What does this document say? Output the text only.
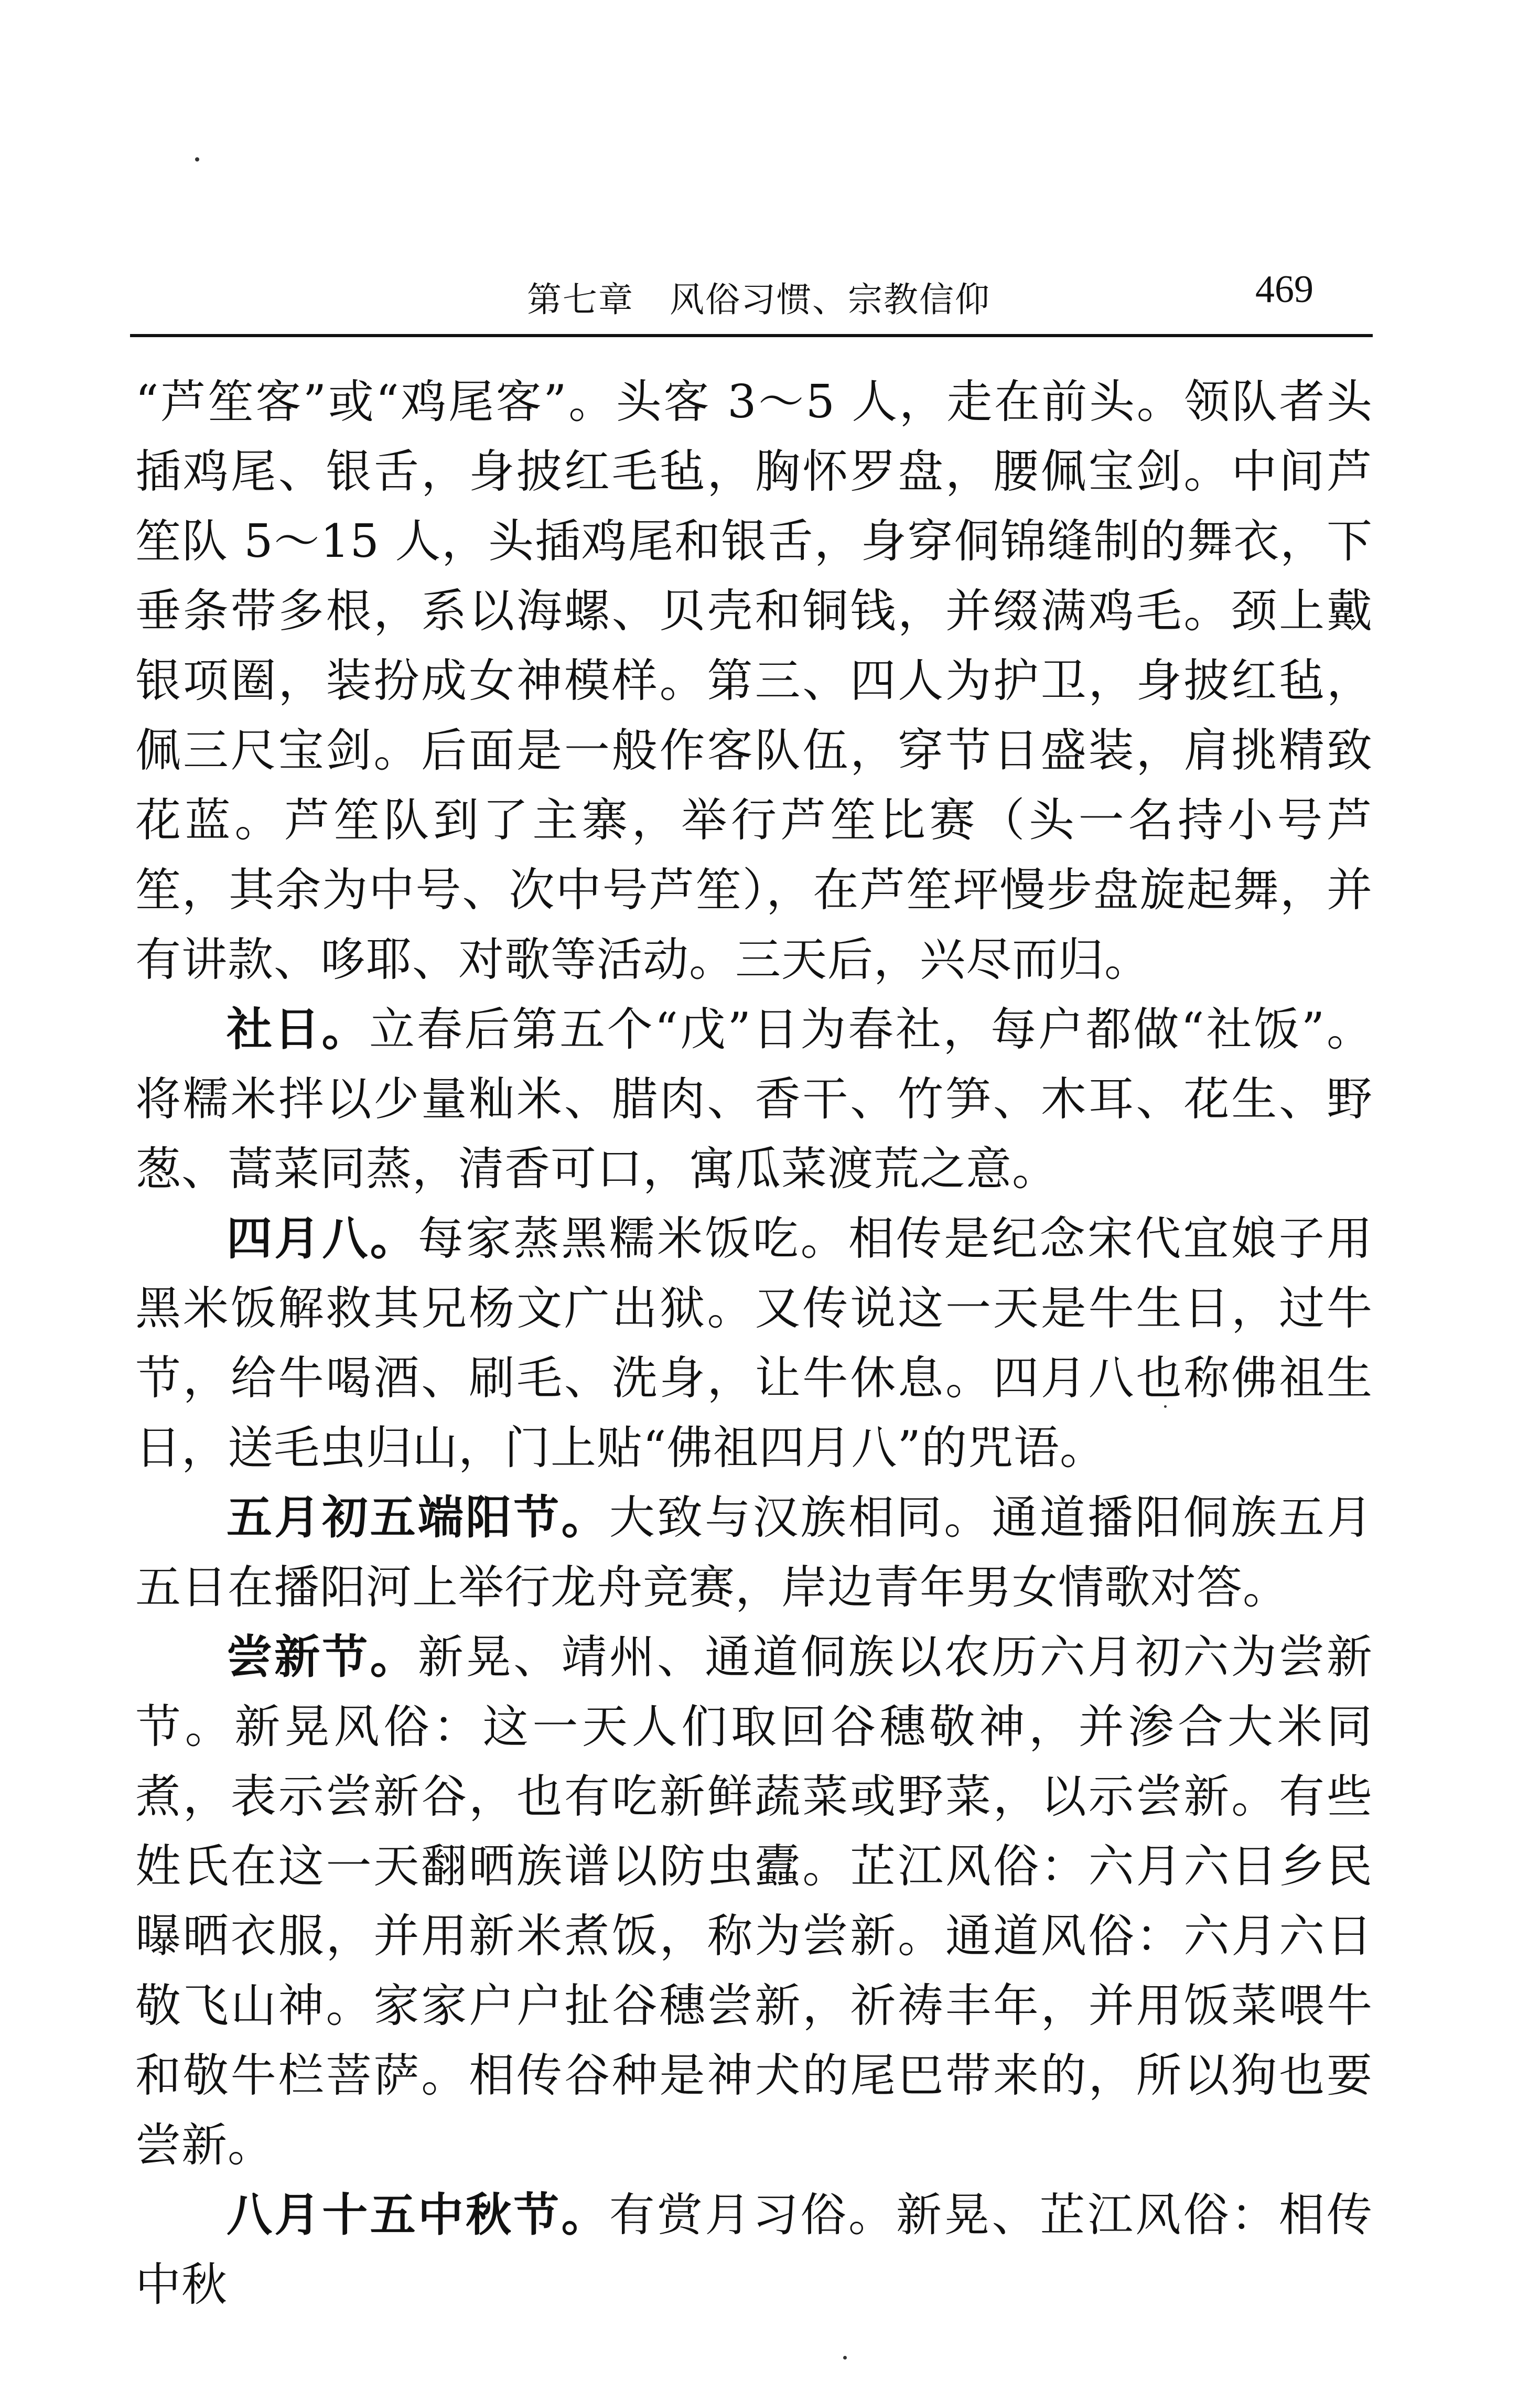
第七章　风俗习惯、宗教信仰	469

“芦笙客”或“鸡尾客”。头客 3～5 人，走在前头。领队者头插鸡尾、银舌，身披红毛毡，胸怀罗盘，腰佩宝剑。中间芦笙队 5～15 人，头插鸡尾和银舌，身穿侗锦缝制的舞衣，下垂条带多根，系以海螺、贝壳和铜钱，并缀满鸡毛。颈上戴银项圈，装扮成女神模样。第三、四人为护卫，身披红毡，佩三尺宝剑。后面是一般作客队伍，穿节日盛装，肩挑精致花蓝。芦笙队到了主寨，举行芦笙比赛（头一名持小号芦笙，其余为中号、次中号芦笙），在芦笙坪慢步盘旋起舞，并有讲款、哆耶、对歌等活动。三天后，兴尽而归。

社日。立春后第五个“戊”日为春社，每户都做“社饭”。将糯米拌以少量籼米、腊肉、香干、竹笋、木耳、花生、野葱、蒿菜同蒸，清香可口，寓瓜菜渡荒之意。

四月八。每家蒸黑糯米饭吃。相传是纪念宋代宜娘子用黑米饭解救其兄杨文广出狱。又传说这一天是牛生日，过牛节，给牛喝酒、刷毛、洗身，让牛休息。四月八也称佛祖生日，送毛虫归山，门上贴“佛祖四月八”的咒语。

五月初五端阳节。大致与汉族相同。通道播阳侗族五月五日在播阳河上举行龙舟竞赛，岸边青年男女情歌对答。

尝新节。新晃、靖州、通道侗族以农历六月初六为尝新节。新晃风俗：这一天人们取回谷穗敬神，并渗合大米同煮，表示尝新谷，也有吃新鲜蔬菜或野菜，以示尝新。有些姓氏在这一天翻晒族谱以防虫蠹。芷江风俗：六月六日乡民曝晒衣服，并用新米煮饭，称为尝新。通道风俗：六月六日敬飞山神。家家户户扯谷穗尝新，祈祷丰年，并用饭菜喂牛和敬牛栏菩萨。相传谷种是神犬的尾巴带来的，所以狗也要尝新。

八月十五中秋节。有赏月习俗。新晃、芷江风俗：相传中秋
